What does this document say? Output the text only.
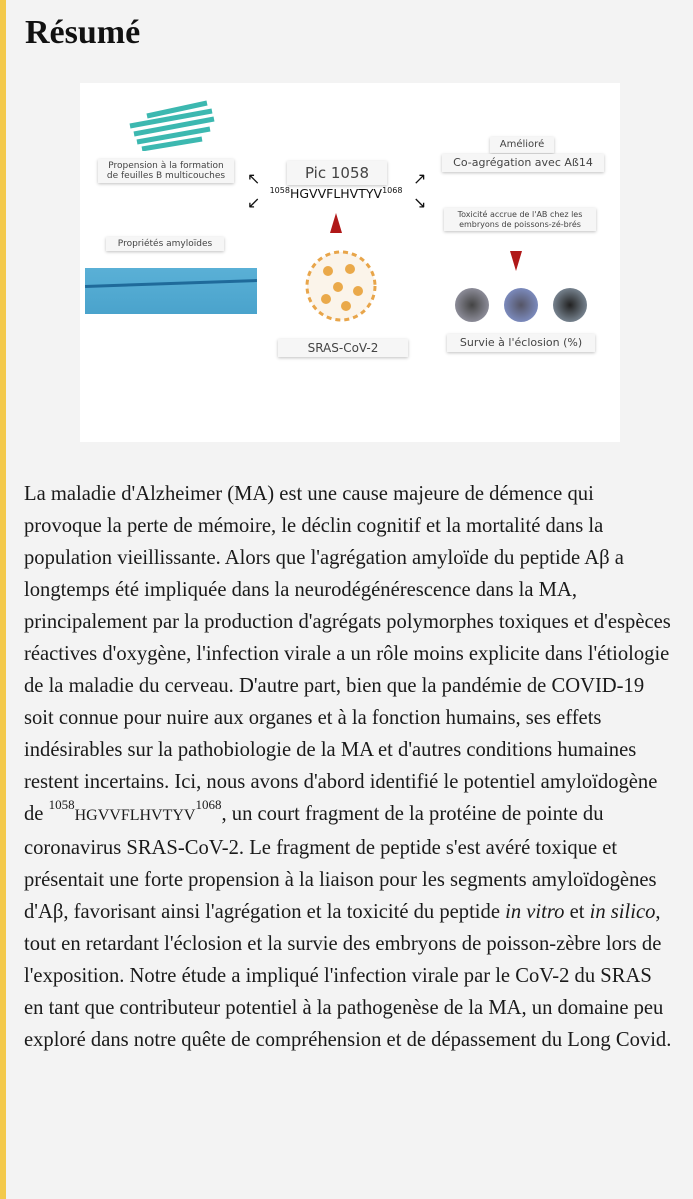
Résumé
Propension à la formation de feuilles B multicouches
Propriétés amyloïdes
Pic 1058
$^{1058}HGVVFLHVTYV^{1068}$
↖
↙
↗
↘
SRAS-CoV-2
Amélioré
Co-agrégation avec Aß14
Toxicité accrue de l'AB chez les embryons de poissons-zé-brés
Survie à l'éclosion (%)
La maladie d'Alzheimer (MA) est une cause majeure de démence qui provoque la perte de mémoire, le déclin cognitif et la mortalité dans la population vieillissante. Alors que l'agrégation amyloïde du peptide Aβ a longtemps été impliquée dans la neurodégénérescence dans la MA, principalement par la production d'agrégats polymorphes toxiques et d'espèces réactives d'oxygène, l'infection virale a un rôle moins explicite dans l'étiologie de la maladie du cerveau. D'autre part, bien que la pandémie de COVID-19 soit connue pour nuire aux organes et à la fonction humains, ses effets indésirables sur la pathobiologie de la MA et d'autres conditions humaines restent incertains. Ici, nous avons d'abord identifié le potentiel amyloïdogène de $^{1058}HGVVFLHVTYV^{1068}$, un court fragment de la protéine de pointe du coronavirus SRAS-CoV-2. Le fragment de peptide s'est avéré toxique et présentait une forte propension à la liaison pour les segments amyloïdogènes d'Aβ, favorisant ainsi l'agrégation et la toxicité du peptide in vitro et in silico, tout en retardant l'éclosion et la survie des embryons de poisson-zèbre lors de l'exposition. Notre étude a impliqué l'infection virale par le CoV-2 du SRAS en tant que contributeur potentiel à la pathogenèse de la MA, un domaine peu exploré dans notre quête de compréhension et de dépassement du Long Covid.
